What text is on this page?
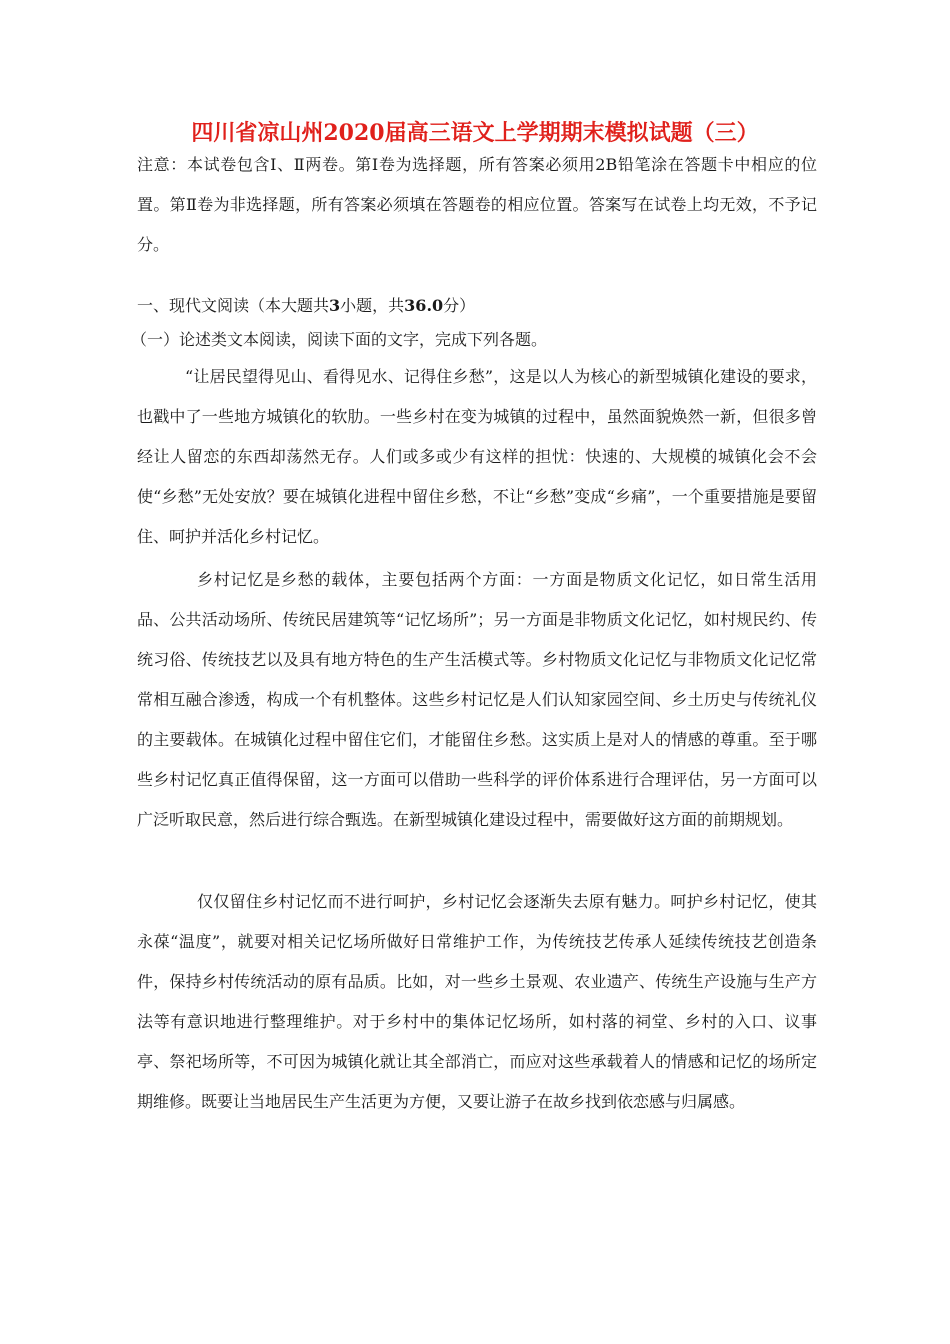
四川省凉山州2020届高三语文上学期期末模拟试题（三）

注意：本试卷包含Ⅰ、Ⅱ两卷。第Ⅰ卷为选择题，所有答案必须用2B铅笔涂在答题卡中相应的位置。第Ⅱ卷为非选择题，所有答案必须填在答题卷的相应位置。答案写在试卷上均无效，不予记分。

一、现代文阅读（本大题共3小题，共36.0分）
（一）论述类文本阅读，阅读下面的文字，完成下列各题。

“让居民望得见山、看得见水、记得住乡愁”，这是以人为核心的新型城镇化建设的要求，也戳中了一些地方城镇化的软肋。一些乡村在变为城镇的过程中，虽然面貌焕然一新，但很多曾经让人留恋的东西却荡然无存。人们或多或少有这样的担忧：快速的、大规模的城镇化会不会使“乡愁”无处安放？要在城镇化进程中留住乡愁，不让“乡愁”变成“乡痛”，一个重要措施是要留住、呵护并活化乡村记忆。

乡村记忆是乡愁的载体，主要包括两个方面：一方面是物质文化记忆，如日常生活用品、公共活动场所、传统民居建筑等“记忆场所”；另一方面是非物质文化记忆，如村规民约、传统习俗、传统技艺以及具有地方特色的生产生活模式等。乡村物质文化记忆与非物质文化记忆常常相互融合渗透，构成一个有机整体。这些乡村记忆是人们认知家园空间、乡土历史与传统礼仪的主要载体。在城镇化过程中留住它们，才能留住乡愁。这实质上是对人的情感的尊重。至于哪些乡村记忆真正值得保留，这一方面可以借助一些科学的评价体系进行合理评估，另一方面可以广泛听取民意，然后进行综合甄选。在新型城镇化建设过程中，需要做好这方面的前期规划。

仅仅留住乡村记忆而不进行呵护，乡村记忆会逐渐失去原有魅力。呵护乡村记忆，使其永葆“温度”，就要对相关记忆场所做好日常维护工作，为传统技艺传承人延续传统技艺创造条件，保持乡村传统活动的原有品质。比如，对一些乡土景观、农业遗产、传统生产设施与生产方法等有意识地进行整理维护。对于乡村中的集体记忆场所，如村落的祠堂、乡村的入口、议事亭、祭祀场所等，不可因为城镇化就让其全部消亡，而应对这些承载着人的情感和记忆的场所定期维修。既要让当地居民生产生活更为方便，又要让游子在故乡找到依恋感与归属感。
